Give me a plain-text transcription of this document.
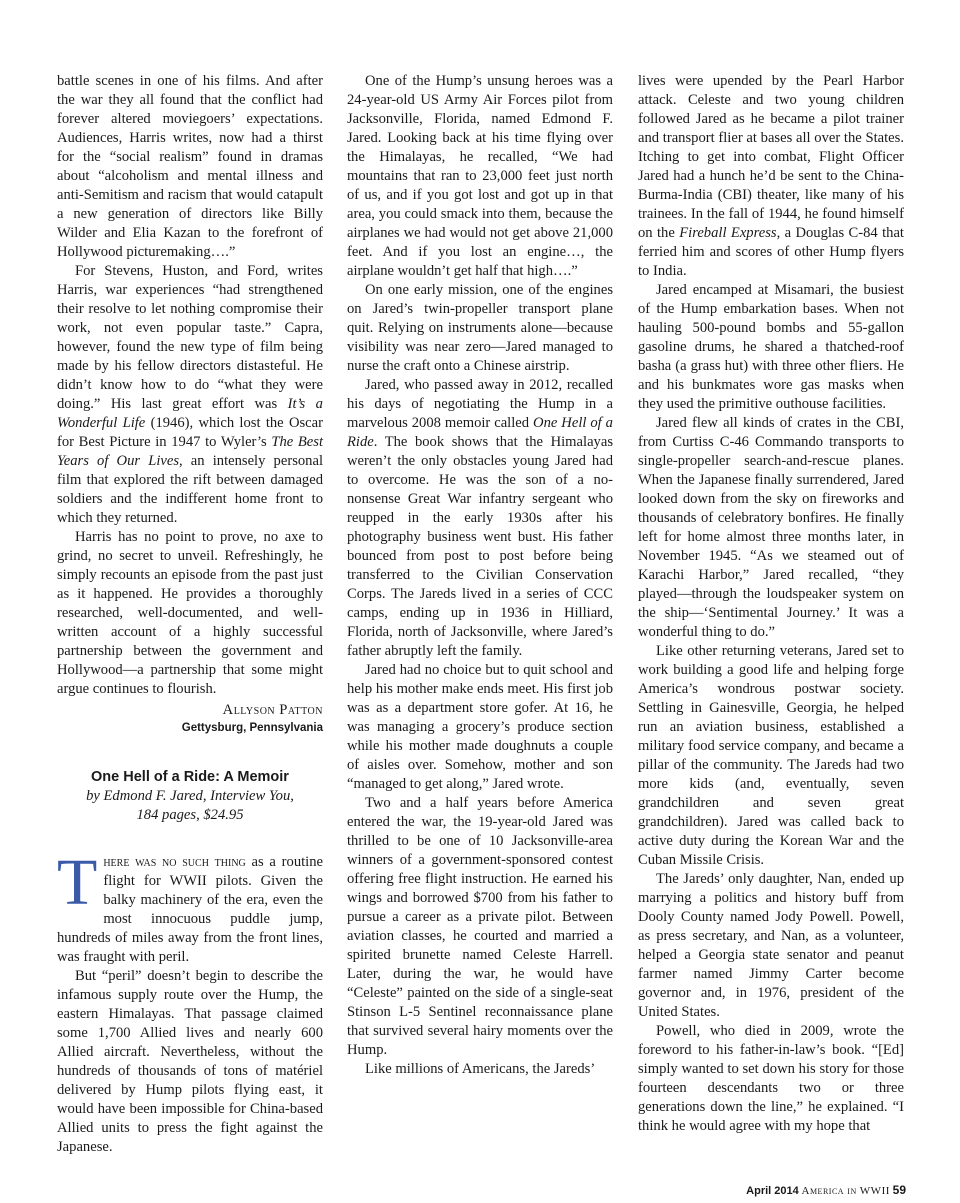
battle scenes in one of his films. And after the war they all found that the conflict had forever altered moviegoers’ expectations. Audiences, Harris writes, now had a thirst for the “social realism” found in dramas about “alcoholism and mental illness and anti-Semitism and racism that would catapult a new generation of directors like Billy Wilder and Elia Kazan to the forefront of Hollywood picturemaking….”

For Stevens, Huston, and Ford, writes Harris, war experiences “had strengthened their resolve to let nothing compromise their work, not even popular taste.” Capra, however, found the new type of film being made by his fellow directors distasteful. He didn’t know how to do “what they were doing.” His last great effort was It’s a Wonderful Life (1946), which lost the Oscar for Best Picture in 1947 to Wyler’s The Best Years of Our Lives, an intensely personal film that explored the rift between damaged soldiers and the indifferent home front to which they returned.

Harris has no point to prove, no axe to grind, no secret to unveil. Refreshingly, he simply recounts an episode from the past just as it happened. He provides a thoroughly researched, well-documented, and well-written account of a highly successful partnership between the government and Hollywood—a partnership that some might argue continues to flourish.

Allyson Patton
Gettysburg, Pennsylvania
One Hell of a Ride: A Memoir
by Edmond F. Jared, Interview You,
184 pages, $24.95

There was no such thing as a routine flight for WWII pilots. Given the balky machinery of the era, even the most innocuous puddle jump, hundreds of miles away from the front lines, was fraught with peril.

But “peril” doesn’t begin to describe the infamous supply route over the Hump, the eastern Himalayas. That passage claimed some 1,700 Allied lives and nearly 600 Allied aircraft. Nevertheless, without the hundreds of thousands of tons of matériel delivered by Hump pilots flying east, it would have been impossible for China-based Allied units to press the fight against the Japanese.

One of the Hump’s unsung heroes was a 24-year-old US Army Air Forces pilot from Jacksonville, Florida, named Edmond F. Jared. Looking back at his time flying over the Himalayas, he recalled, “We had mountains that ran to 23,000 feet just north of us, and if you got lost and got up in that area, you could smack into them, because the airplanes we had would not get above 21,000 feet. And if you lost an engine…, the airplane wouldn’t get half that high….”

On one early mission, one of the engines on Jared’s twin-propeller transport plane quit. Relying on instruments alone—because visibility was near zero—Jared managed to nurse the craft onto a Chinese airstrip.

Jared, who passed away in 2012, recalled his days of negotiating the Hump in a marvelous 2008 memoir called One Hell of a Ride. The book shows that the Himalayas weren’t the only obstacles young Jared had to overcome. He was the son of a no-nonsense Great War infantry sergeant who reupped in the early 1930s after his photography business went bust. His father bounced from post to post before being transferred to the Civilian Conservation Corps. The Jareds lived in a series of CCC camps, ending up in 1936 in Hilliard, Florida, north of Jacksonville, where Jared’s father abruptly left the family.

Jared had no choice but to quit school and help his mother make ends meet. His first job was as a department store gofer. At 16, he was managing a grocery’s produce section while his mother made doughnuts a couple of aisles over. Somehow, mother and son “managed to get along,” Jared wrote.

Two and a half years before America entered the war, the 19-year-old Jared was thrilled to be one of 10 Jacksonville-area winners of a government-sponsored contest offering free flight instruction. He earned his wings and borrowed $700 from his father to pursue a career as a private pilot. Between aviation classes, he courted and married a spirited brunette named Celeste Harrell. Later, during the war, he would have “Celeste” painted on the side of a single-seat Stinson L-5 Sentinel reconnaissance plane that survived several hairy moments over the Hump.

Like millions of Americans, the Jareds’

lives were upended by the Pearl Harbor attack. Celeste and two young children followed Jared as he became a pilot trainer and transport flier at bases all over the States. Itching to get into combat, Flight Officer Jared had a hunch he’d be sent to the China-Burma-India (CBI) theater, like many of his trainees. In the fall of 1944, he found himself on the Fireball Express, a Douglas C-84 that ferried him and scores of other Hump flyers to India.

Jared encamped at Misamari, the busiest of the Hump embarkation bases. When not hauling 500-pound bombs and 55-gallon gasoline drums, he shared a thatched-roof basha (a grass hut) with three other fliers. He and his bunkmates wore gas masks when they used the primitive outhouse facilities.

Jared flew all kinds of crates in the CBI, from Curtiss C-46 Commando transports to single-propeller search-and-rescue planes. When the Japanese finally surrendered, Jared looked down from the sky on fireworks and thousands of celebratory bonfires. He finally left for home almost three months later, in November 1945. “As we steamed out of Karachi Harbor,” Jared recalled, “they played—through the loudspeaker system on the ship—‘Sentimental Journey.’ It was a wonderful thing to do.”

Like other returning veterans, Jared set to work building a good life and helping forge America’s wondrous postwar society. Settling in Gainesville, Georgia, he helped run an aviation business, established a military food service company, and became a pillar of the community. The Jareds had two more kids (and, eventually, seven grandchildren and seven great grandchildren). Jared was called back to active duty during the Korean War and the Cuban Missile Crisis.

The Jareds’ only daughter, Nan, ended up marrying a politics and history buff from Dooly County named Jody Powell. Powell, as press secretary, and Nan, as a volunteer, helped a Georgia state senator and peanut farmer named Jimmy Carter become governor and, in 1976, president of the United States.

Powell, who died in 2009, wrote the foreword to his father-in-law’s book. “[Ed] simply wanted to set down his story for those fourteen descendants two or three generations down the line,” he explained. “I think he would agree with my hope that

April 2014 America in WWII 59
